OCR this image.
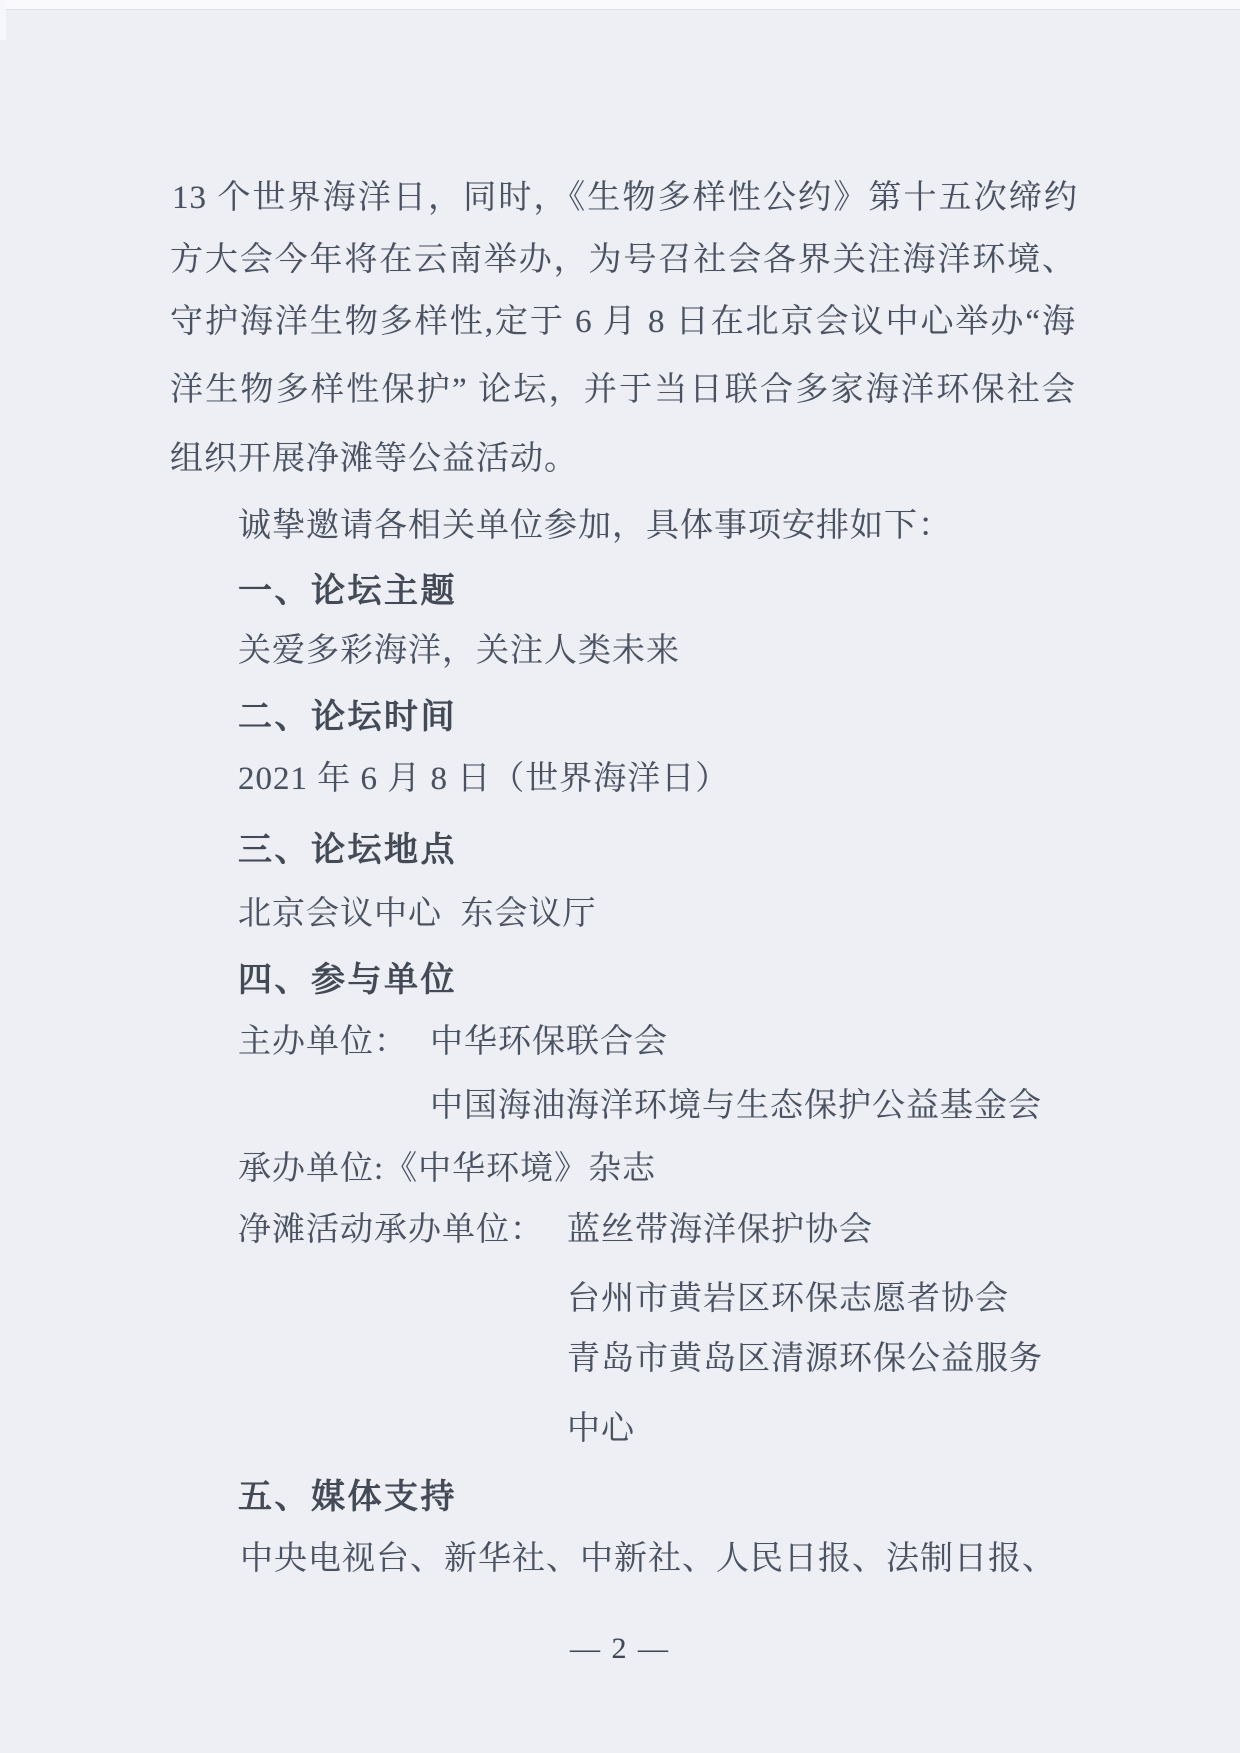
13 个世界海洋日，同时，《生物多样性公约》第十五次缔约
方大会今年将在云南举办，为号召社会各界关注海洋环境、
守护海洋生物多样性,定于 6 月 8 日在北京会议中心举办“海
洋生物多样性保护” 论坛，并于当日联合多家海洋环保社会
组织开展净滩等公益活动。
诚挚邀请各相关单位参加，具体事项安排如下：
一、论坛主题
关爱多彩海洋，关注人类未来
二、论坛时间
2021 年 6 月 8 日（世界海洋日）
三、论坛地点
北京会议中心  东会议厅
四、参与单位
主办单位： 中华环保联合会
中国海油海洋环境与生态保护公益基金会
承办单位:《中华环境》杂志
净滩活动承办单位： 蓝丝带海洋保护协会
台州市黄岩区环保志愿者协会
青岛市黄岛区清源环保公益服务
中心
五、媒体支持
中央电视台、新华社、中新社、人民日报、法制日报、
— 2 —
